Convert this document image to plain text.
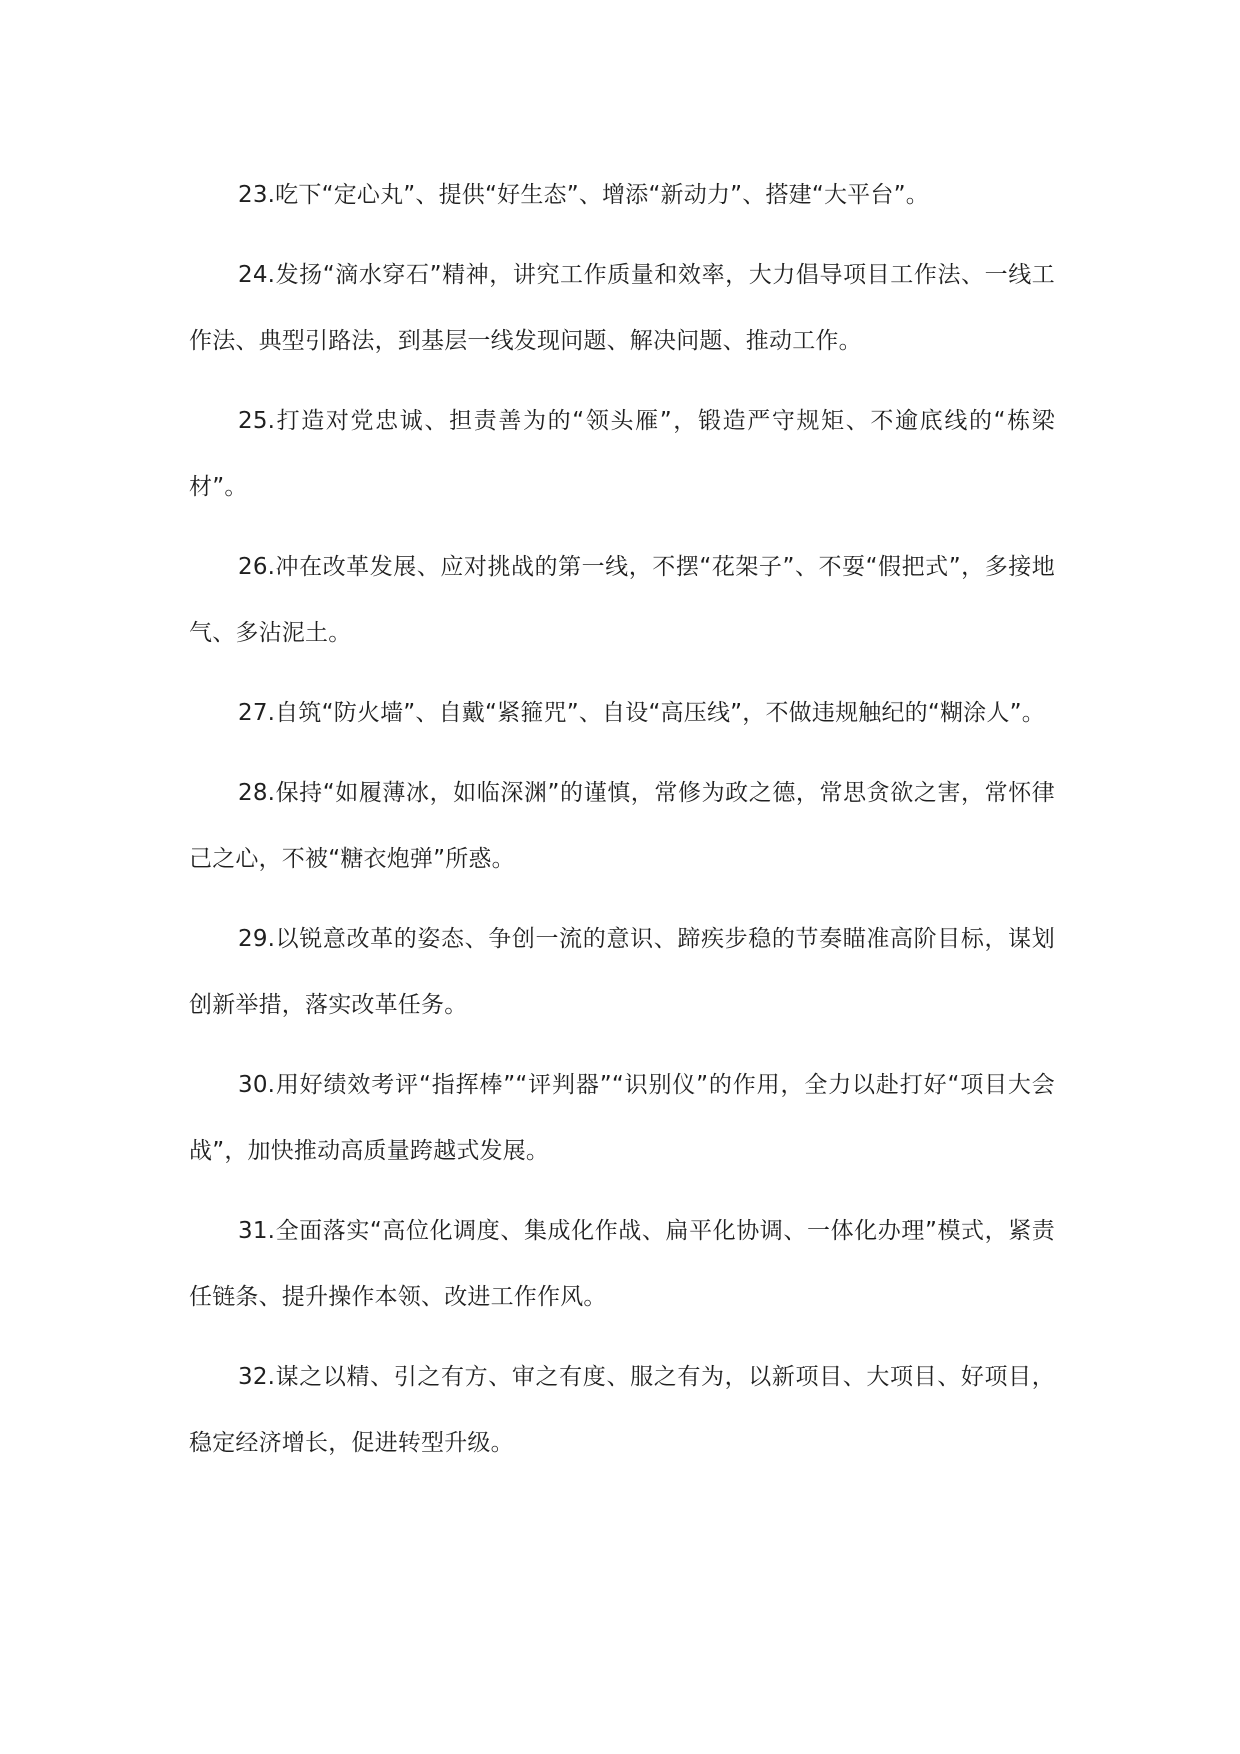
23.吃下“定心丸”、提供“好生态”、增添“新动力”、搭建“大平台”。

24.发扬“滴水穿石”精神，讲究工作质量和效率，大力倡导项目工作法、一线工作法、典型引路法，到基层一线发现问题、解决问题、推动工作。

25.打造对党忠诚、担责善为的“领头雁”，锻造严守规矩、不逾底线的“栋梁材”。

26.冲在改革发展、应对挑战的第一线，不摆“花架子”、不耍“假把式”，多接地气、多沾泥土。

27.自筑“防火墙”、自戴“紧箍咒”、自设“高压线”，不做违规触纪的“糊涂人”。

28.保持“如履薄冰，如临深渊”的谨慎，常修为政之德，常思贪欲之害，常怀律己之心，不被“糖衣炮弹”所惑。

29.以锐意改革的姿态、争创一流的意识、蹄疾步稳的节奏瞄准高阶目标，谋划创新举措，落实改革任务。

30.用好绩效考评“指挥棒”“评判器”“识别仪”的作用，全力以赴打好“项目大会战”，加快推动高质量跨越式发展。

31.全面落实“高位化调度、集成化作战、扁平化协调、一体化办理”模式，紧责任链条、提升操作本领、改进工作作风。

32.谋之以精、引之有方、审之有度、服之有为，以新项目、大项目、好项目，稳定经济增长，促进转型升级。
